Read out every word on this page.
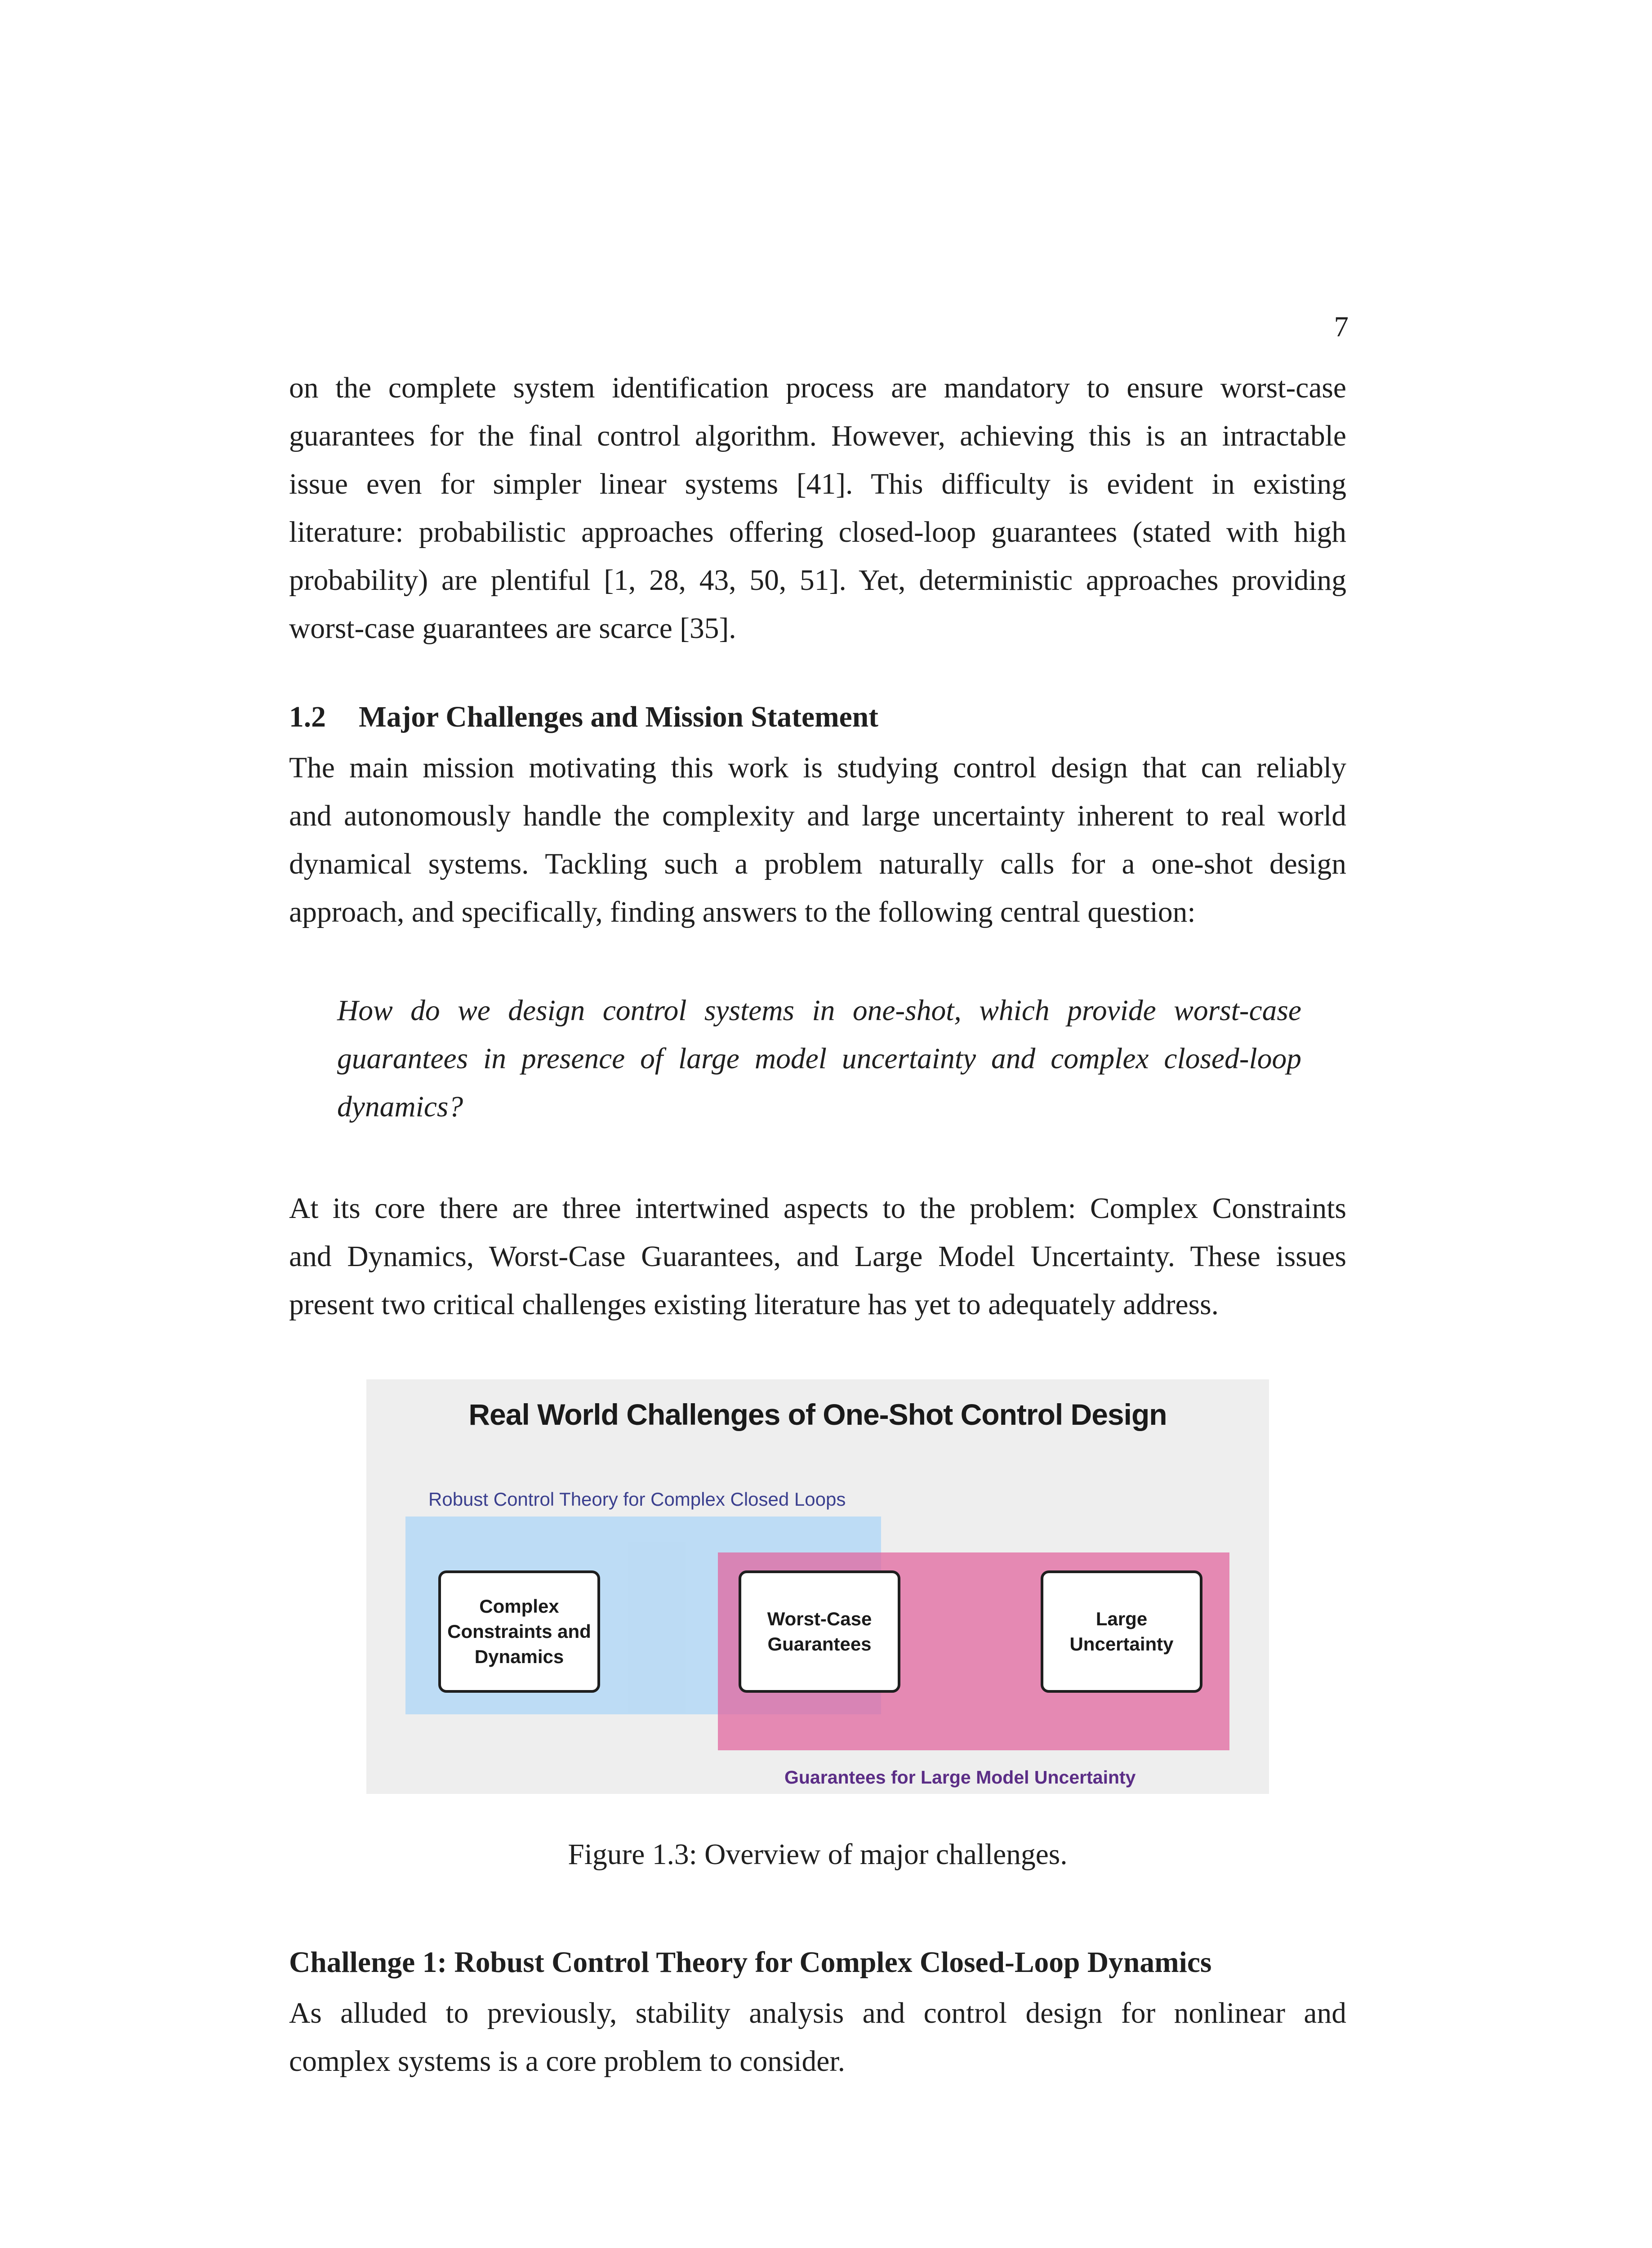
7

on the complete system identification process are mandatory to ensure worst-case
guarantees for the final control algorithm. However, achieving this is an intractable
issue even for simpler linear systems [41]. This difficulty is evident in existing
literature: probabilistic approaches offering closed-loop guarantees (stated with high
probability) are plentiful [1, 28, 43, 50, 51]. Yet, deterministic approaches providing
worst-case guarantees are scarce [35].

1.2 Major Challenges and Mission Statement

The main mission motivating this work is studying control design that can reliably
and autonomously handle the complexity and large uncertainty inherent to real world
dynamical systems. Tackling such a problem naturally calls for a one-shot design
approach, and specifically, finding answers to the following central question:

How do we design control systems in one-shot, which provide worst-case
guarantees in presence of large model uncertainty and complex closed-loop
dynamics?

At its core there are three intertwined aspects to the problem: Complex Constraints
and Dynamics, Worst-Case Guarantees, and Large Model Uncertainty. These issues
present two critical challenges existing literature has yet to adequately address.

Real World Challenges of One-Shot Control Design
Robust Control Theory for Complex Closed Loops
Complex
Constraints and
Dynamics
Worst-Case
Guarantees
Large
Uncertainty
Guarantees for Large Model Uncertainty
Figure 1.3: Overview of major challenges.
Challenge 1: Robust Control Theory for Complex Closed-Loop Dynamics

As alluded to previously, stability analysis and control design for nonlinear and
complex systems is a core problem to consider.
